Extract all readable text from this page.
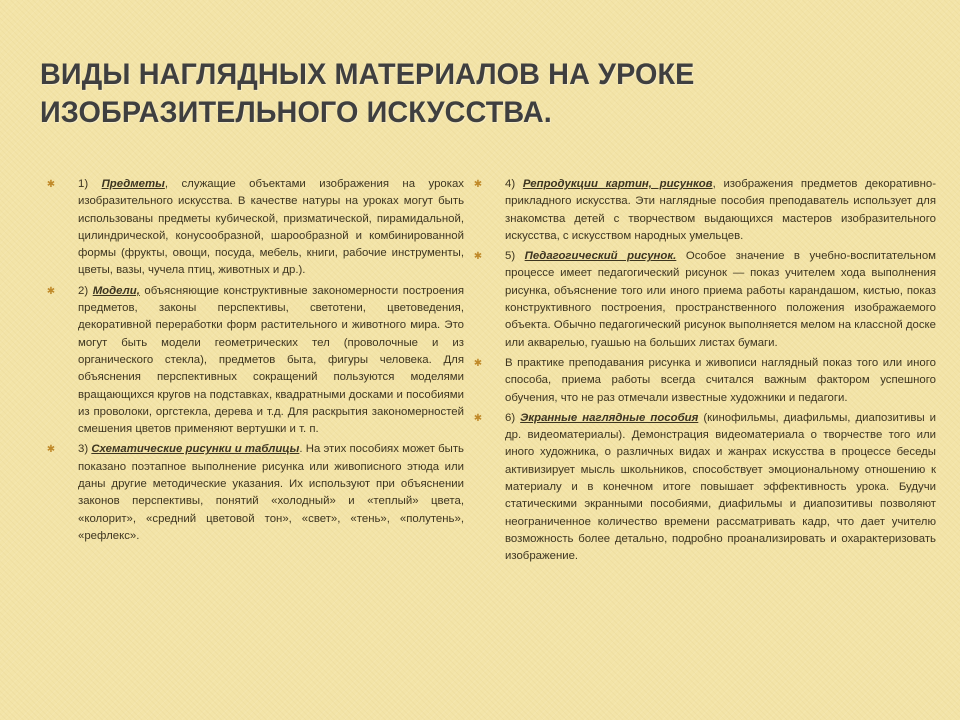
ВИДЫ НАГЛЯДНЫХ МАТЕРИАЛОВ НА УРОКЕ ИЗОБРАЗИТЕЛЬНОГО ИСКУССТВА.
✱	1) Предметы, служащие объектами изображения на уроках изобразительного искусства. В качестве натуры на уроках могут быть использованы предметы кубической, призматической, пирамидальной, цилиндрической, конусообразной, шарообразной и комбинированной формы (фрукты, овощи, посуда, мебель, книги, рабочие инструменты, цветы, вазы, чучела птиц, животных и др.).
✱	2) Модели, объясняющие конструктивные закономерности построения предметов, законы перспективы, светотени, цветоведения, декоративной переработки форм растительного и животного мира. Это могут быть модели геометрических тел (проволочные и из органического стекла), предметов быта, фигуры человека. Для объяснения перспективных сокращений пользуются моделями вращающихся кругов на подставках, квадратными досками и пособиями из проволоки, оргстекла, дерева и т.д. Для раскрытия закономерностей смешения цветов применяют вертушки и т. п.
✱	3) Схематические рисунки и таблицы. На этих пособиях может быть показано поэтапное выполнение рисунка или живописного этюда или даны другие методические указания. Их используют при объяснении законов перспективы, понятий «холодный» и «теплый» цвета, «колорит», «средний цветовой тон», «свет», «тень», «полутень», «рефлекс».
✱	4) Репродукции картин, рисунков, изображения предметов декоративно-прикладного искусства. Эти наглядные пособия преподаватель использует для знакомства детей с творчеством выдающихся мастеров изобразительного искусства, с искусством народных умельцев.
✱	5) Педагогический рисунок. Особое значение в учебно-воспитательном процессе имеет педагогический рисунок — показ учителем хода выполнения рисунка, объяснение того или иного приема работы карандашом, кистью, показ конструктивного построения, пространственного положения изображаемого объекта. Обычно педагогический рисунок выполняется мелом на классной доске или акварелью, гуашью на больших листах бумаги.
✱	В практике преподавания рисунка и живописи наглядный показ того или иного способа, приема работы всегда считался важным фактором успешного обучения, что не раз отмечали известные художники и педагоги.
✱	6) Экранные наглядные пособия (кинофильмы, диафильмы, диапозитивы и др. видеоматериалы). Демонстрация видеоматериала о творчестве того или иного художника, о различных видах и жанрах искусства в процессе беседы активизирует мысль школьников, способствует эмоциональному отношению к материалу и в конечном итоге повышает эффективность урока. Будучи статическими экранными пособиями, диафильмы и диапозитивы позволяют неограниченное количество времени рассматривать кадр, что дает учителю возможность более детально, подробно проанализировать и охарактеризовать изображение.
